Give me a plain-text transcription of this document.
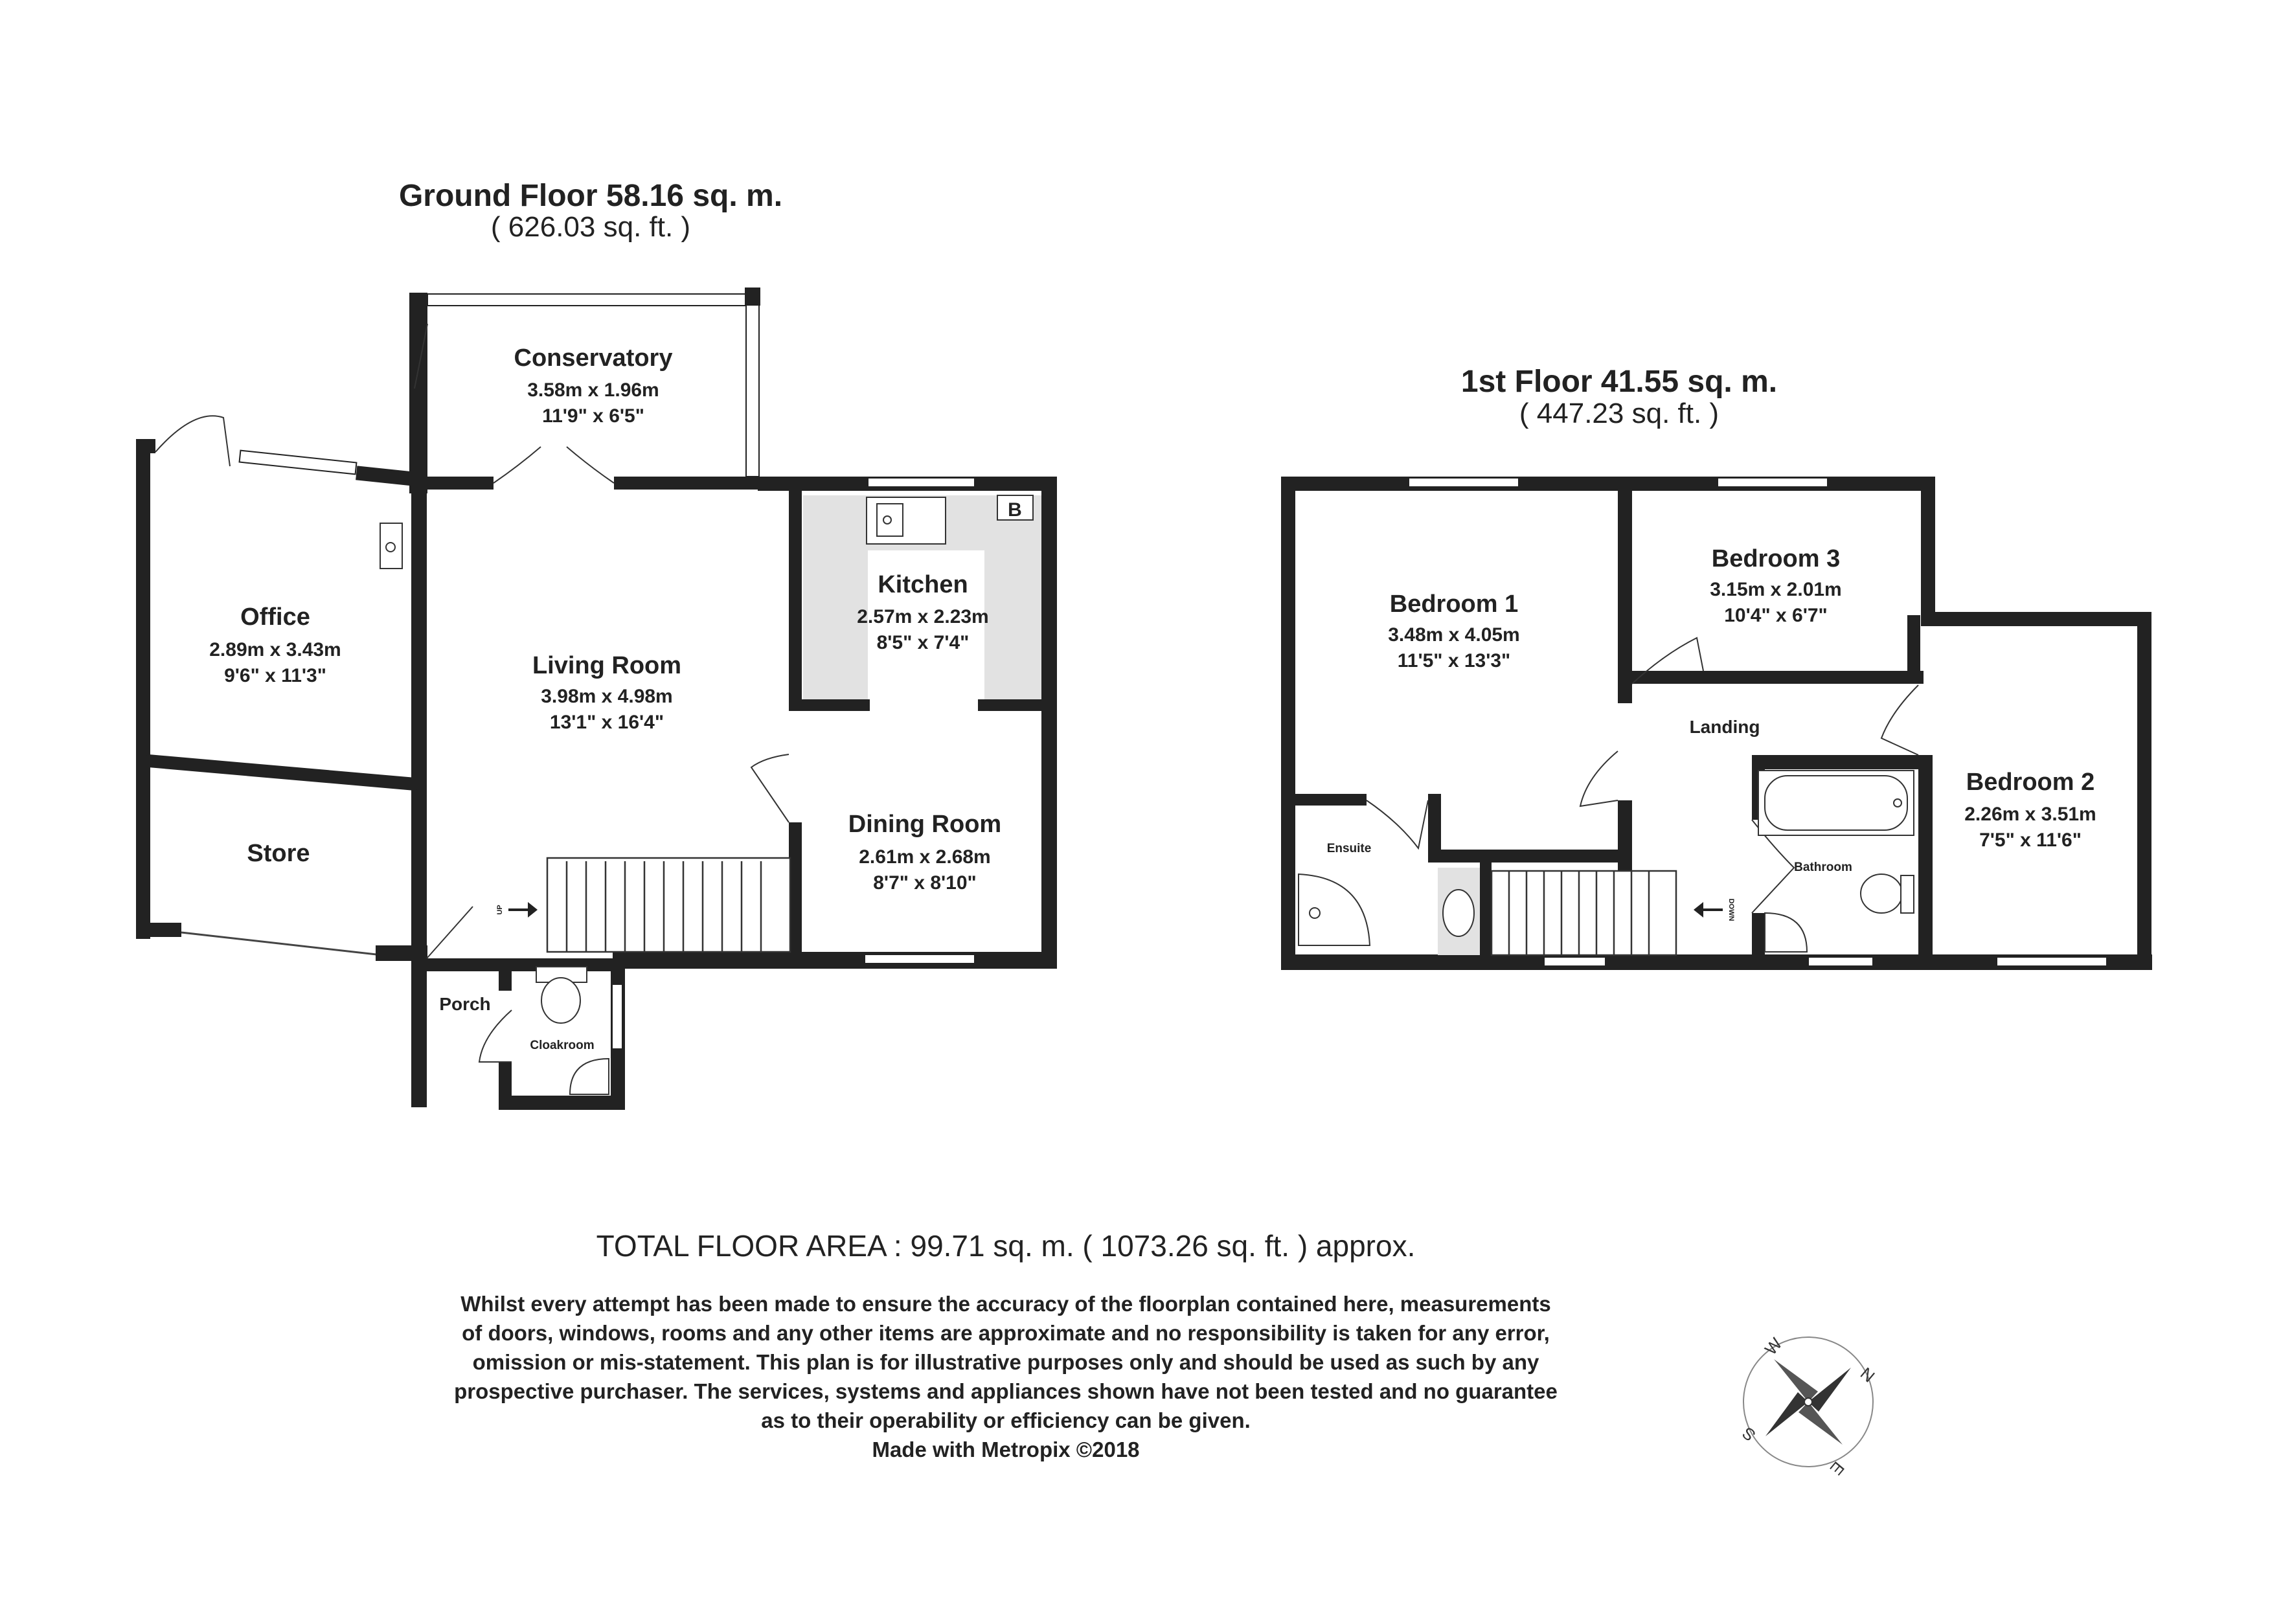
Ground Floor 58.16 sq. m.
( 626.03 sq. ft. )
B
UP
Conservatory
3.58m x 1.96m
11'9" x 6'5"
Office
2.89m x 3.43m
9'6" x 11'3"	Living Room
3.98m x 4.98m
13'1" x 16'4"
Kitchen
2.57m x 2.23m
8'5" x 7'4"
Dining Room
2.61m x 2.68m
8'7" x 8'10"
Store
Porch
Cloakroom
1st Floor 41.55 sq. m.
( 447.23 sq. ft. )
DOWN
Bedroom 1
3.48m x 4.05m
11'5" x 13'3"
Bedroom 3
3.15m x 2.01m
10'4" x 6'7"
Bedroom 2
2.26m x 3.51m
7'5" x 11'6"
Landing
Ensuite
Bathroom
TOTAL FLOOR AREA : 99.71 sq. m. ( 1073.26 sq. ft. ) approx.
Whilst every attempt has been made to ensure the accuracy of the floorplan contained here, measurements
of doors, windows, rooms and any other items are approximate and no responsibility is taken for any error,
omission or mis-statement. This plan is for illustrative purposes only and should be used as such by any
prospective purchaser. The services, systems and appliances shown have not been tested and no guarantee
as to their operability or efficiency can be given.
Made with Metropix ©2018
N
E
S
W
